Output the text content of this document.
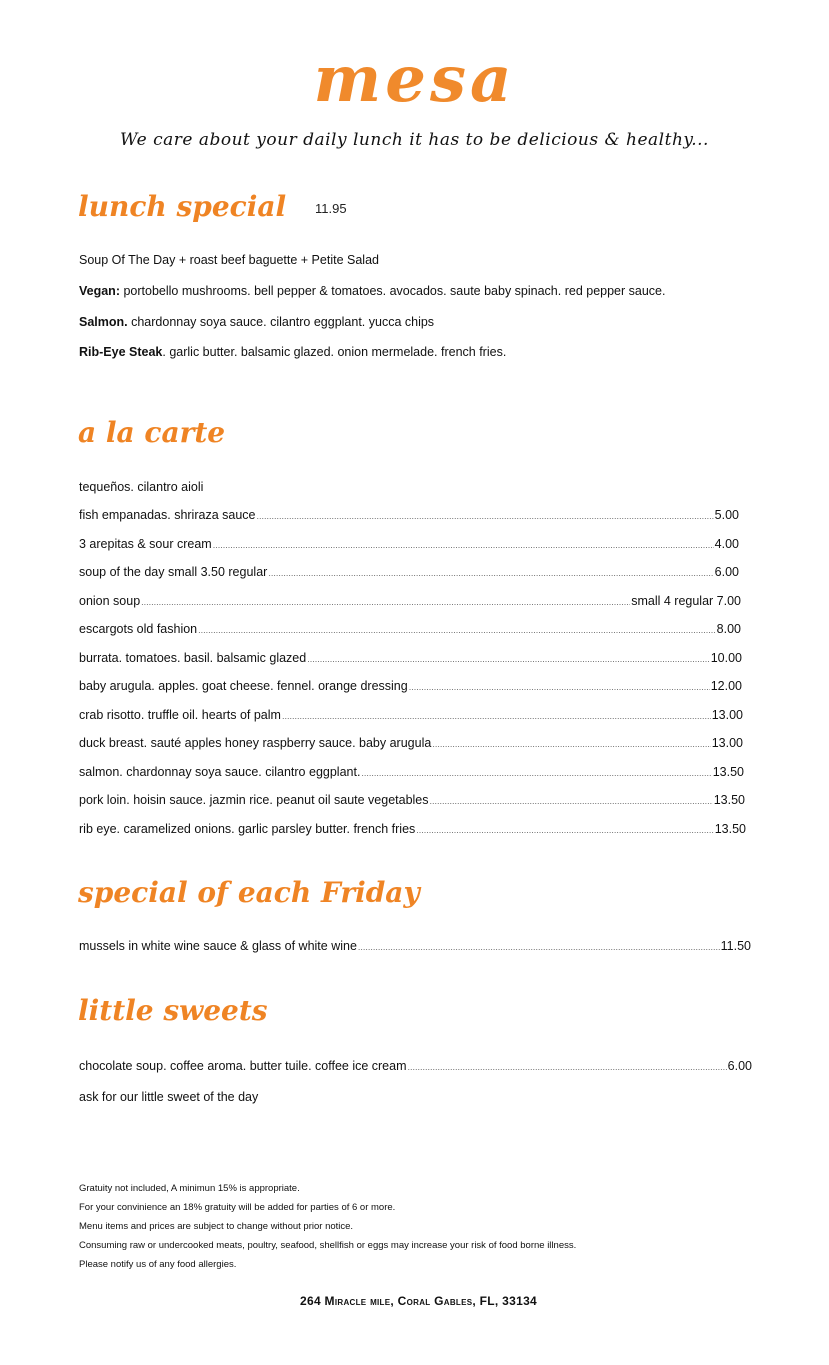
mesa
We care about your daily lunch it has to be delicious & healthy...
lunch special 11.95
Soup Of The Day + roast beef baguette + Petite Salad
Vegan: portobello mushrooms. bell pepper & tomatoes. avocados. saute baby spinach. red pepper sauce.
Salmon. chardonnay soya sauce. cilantro eggplant. yucca chips
Rib-Eye Steak. garlic butter. balsamic glazed. onion mermelade. french fries.
a la carte
tequeños. cilantro aioli
fish empanadas. shriraza sauce .....	5.00
3 arepitas & sour cream .....	4.00
soup of the day small 3.50 regular .....	6.00
onion soup .....	small 4 regular 7.00
escargots old fashion .....	8.00
burrata. tomatoes. basil. balsamic glazed .....	10.00
baby arugula. apples. goat cheese. fennel. orange dressing .....	12.00
crab risotto. truffle oil. hearts of palm .....	13.00
duck breast. sauté apples honey raspberry sauce. baby arugula .....	13.00
salmon. chardonnay soya sauce. cilantro eggplant. .....	13.50
pork loin. hoisin sauce. jazmin rice. peanut oil saute vegetables .....	13.50
rib eye. caramelized onions. garlic parsley butter. french fries .....	13.50
special of each Friday
mussels in white wine sauce & glass of white wine .....	11.50
little sweets
chocolate soup. coffee aroma. butter tuile. coffee ice cream .....	6.00
ask for our little sweet of the day
Gratuity not included, A minimun 15% is appropriate.
For your convinience an 18% gratuity will be added for parties of 6 or more.
Menu items and prices are subject to change without prior notice.
Consuming raw or undercooked meats, poultry, seafood, shellfish or eggs may increase your risk of food borne illness.
Please notify us of any food allergies.
264 Miracle mile, Coral Gables, FL, 33134
